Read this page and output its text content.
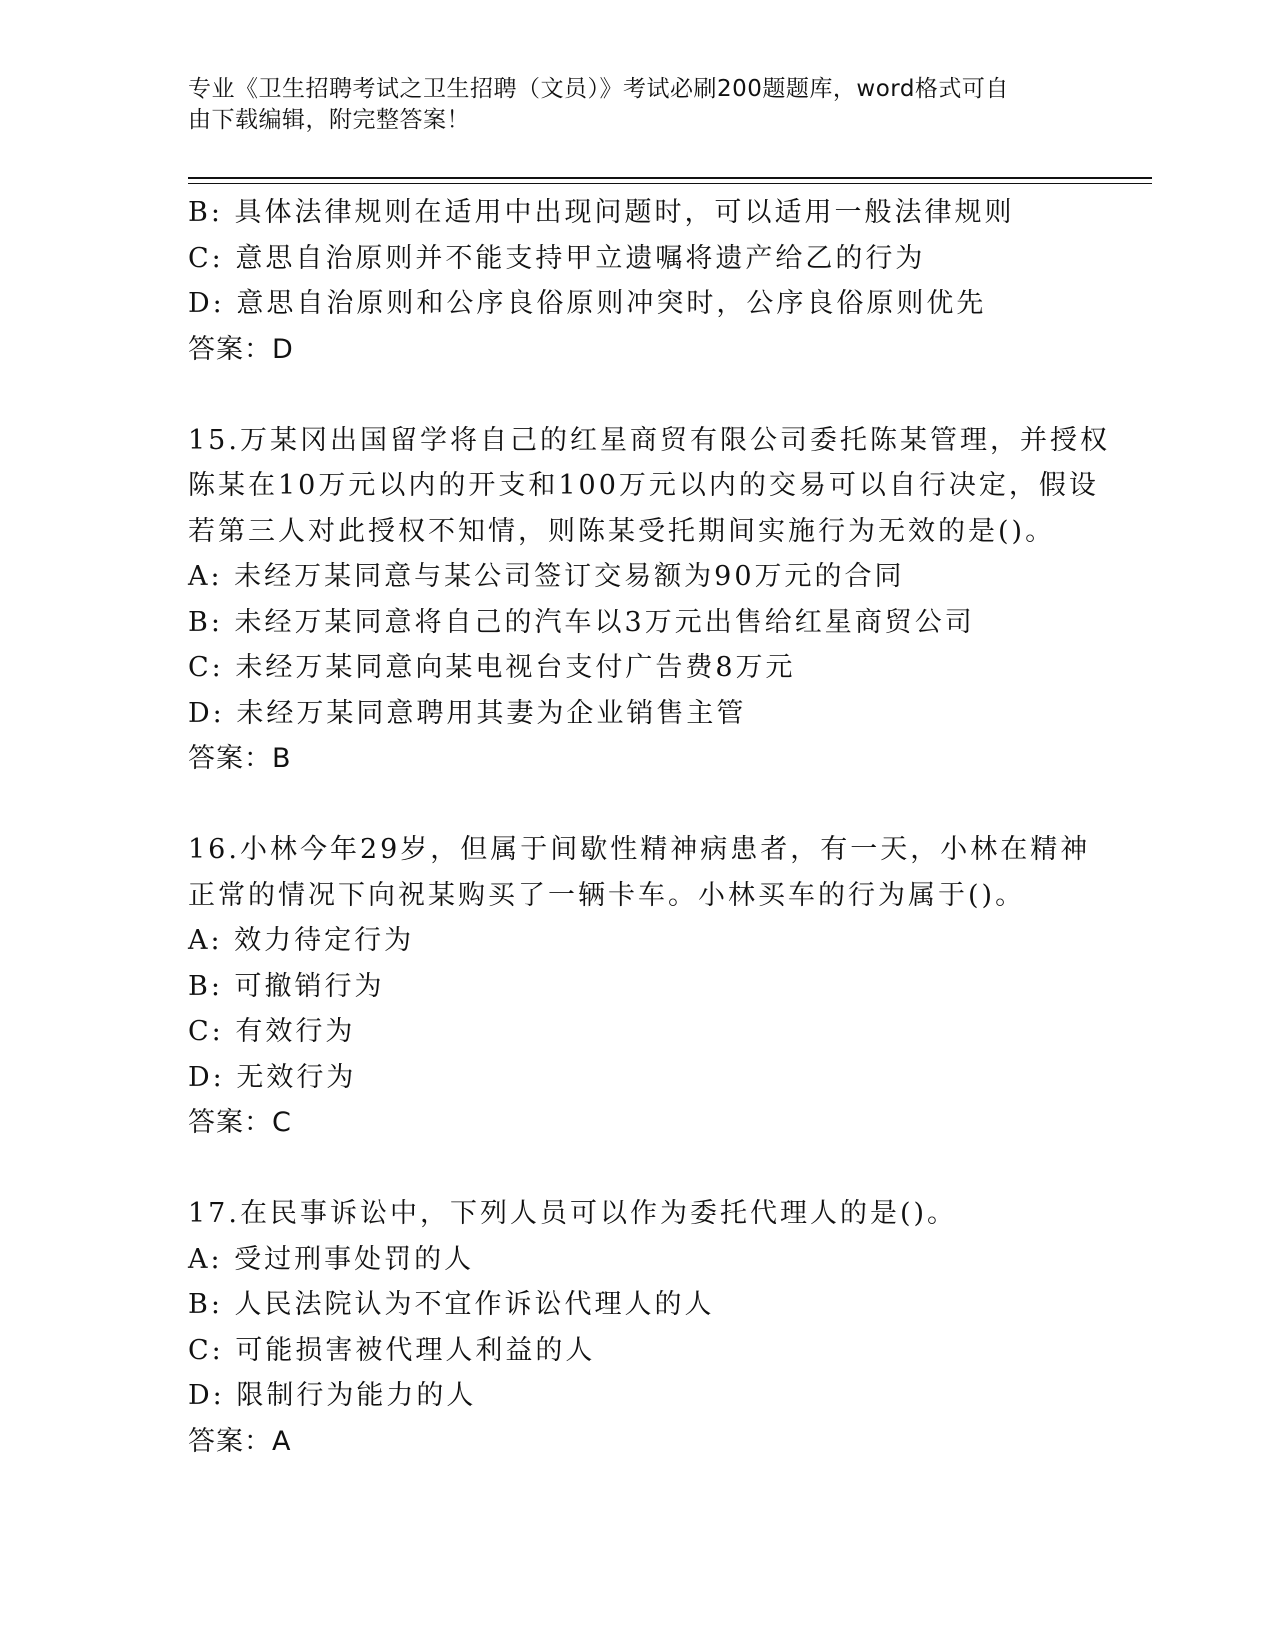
专业《卫生招聘考试之卫生招聘（文员）》考试必刷200题题库，word格式可自
由下载编辑，附完整答案！
B: 具体法律规则在适用中出现问题时，可以适用一般法律规则
C: 意思自治原则并不能支持甲立遗嘱将遗产给乙的行为
D: 意思自治原则和公序良俗原则冲突时，公序良俗原则优先
答案：D
15.万某冈出国留学将自己的红星商贸有限公司委托陈某管理，并授权
陈某在10万元以内的开支和100万元以内的交易可以自行决定，假设
若第三人对此授权不知情，则陈某受托期间实施行为无效的是()。
A: 未经万某同意与某公司签订交易额为90万元的合同
B: 未经万某同意将自己的汽车以3万元出售给红星商贸公司
C: 未经万某同意向某电视台支付广告费8万元
D: 未经万某同意聘用其妻为企业销售主管
答案：B
16.小林今年29岁，但属于间歇性精神病患者，有一天，小林在精神
正常的情况下向祝某购买了一辆卡车。小林买车的行为属于()。
A: 效力待定行为
B: 可撤销行为
C: 有效行为
D: 无效行为
答案：C
17.在民事诉讼中，下列人员可以作为委托代理人的是()。
A: 受过刑事处罚的人
B: 人民法院认为不宜作诉讼代理人的人
C: 可能损害被代理人利益的人
D: 限制行为能力的人
答案：A
